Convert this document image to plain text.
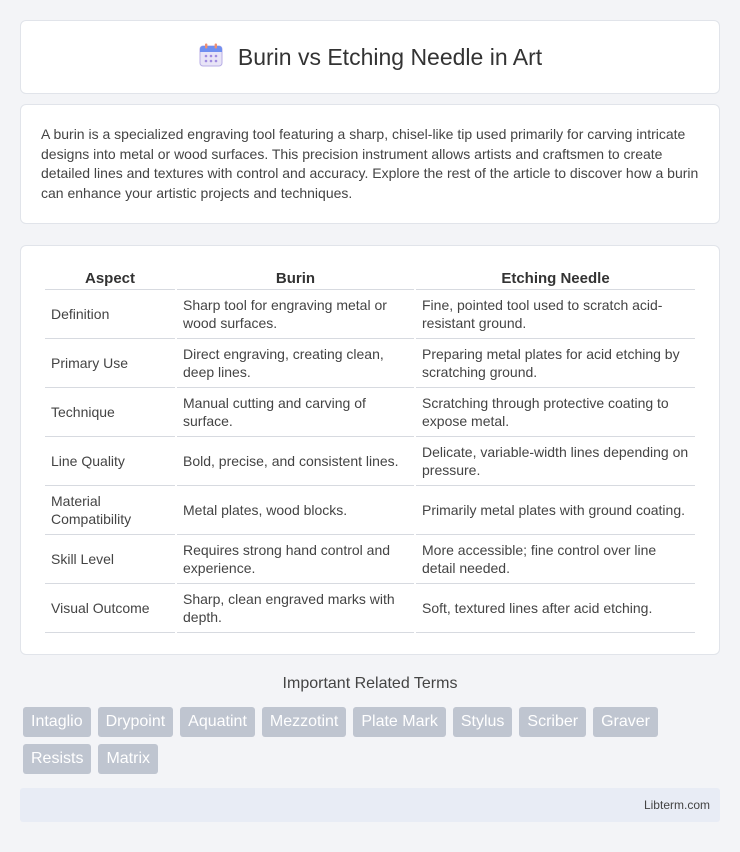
Burin vs Etching Needle in Art

A burin is a specialized engraving tool featuring a sharp, chisel-like tip used primarily for carving intricate designs into metal or wood surfaces. This precision instrument allows artists and craftsmen to create detailed lines and textures with control and accuracy. Explore the rest of the article to discover how a burin can enhance your artistic projects and techniques.

Aspect	Burin	Etching Needle
Definition	Sharp tool for engraving metal or wood surfaces.	Fine, pointed tool used to scratch acid-resistant ground.
Primary Use	Direct engraving, creating clean, deep lines.	Preparing metal plates for acid etching by scratching ground.
Technique	Manual cutting and carving of surface.	Scratching through protective coating to expose metal.
Line Quality	Bold, precise, and consistent lines.	Delicate, variable-width lines depending on pressure.
Material Compatibility	Metal plates, wood blocks.	Primarily metal plates with ground coating.
Skill Level	Requires strong hand control and experience.	More accessible; fine control over line detail needed.
Visual Outcome	Sharp, clean engraved marks with depth.	Soft, textured lines after acid etching.
Important Related Terms
Intaglio	Drypoint	Aquatint	Mezzotint	Plate Mark	Stylus	Scriber	Graver
Resists	Matrix
Libterm.com
